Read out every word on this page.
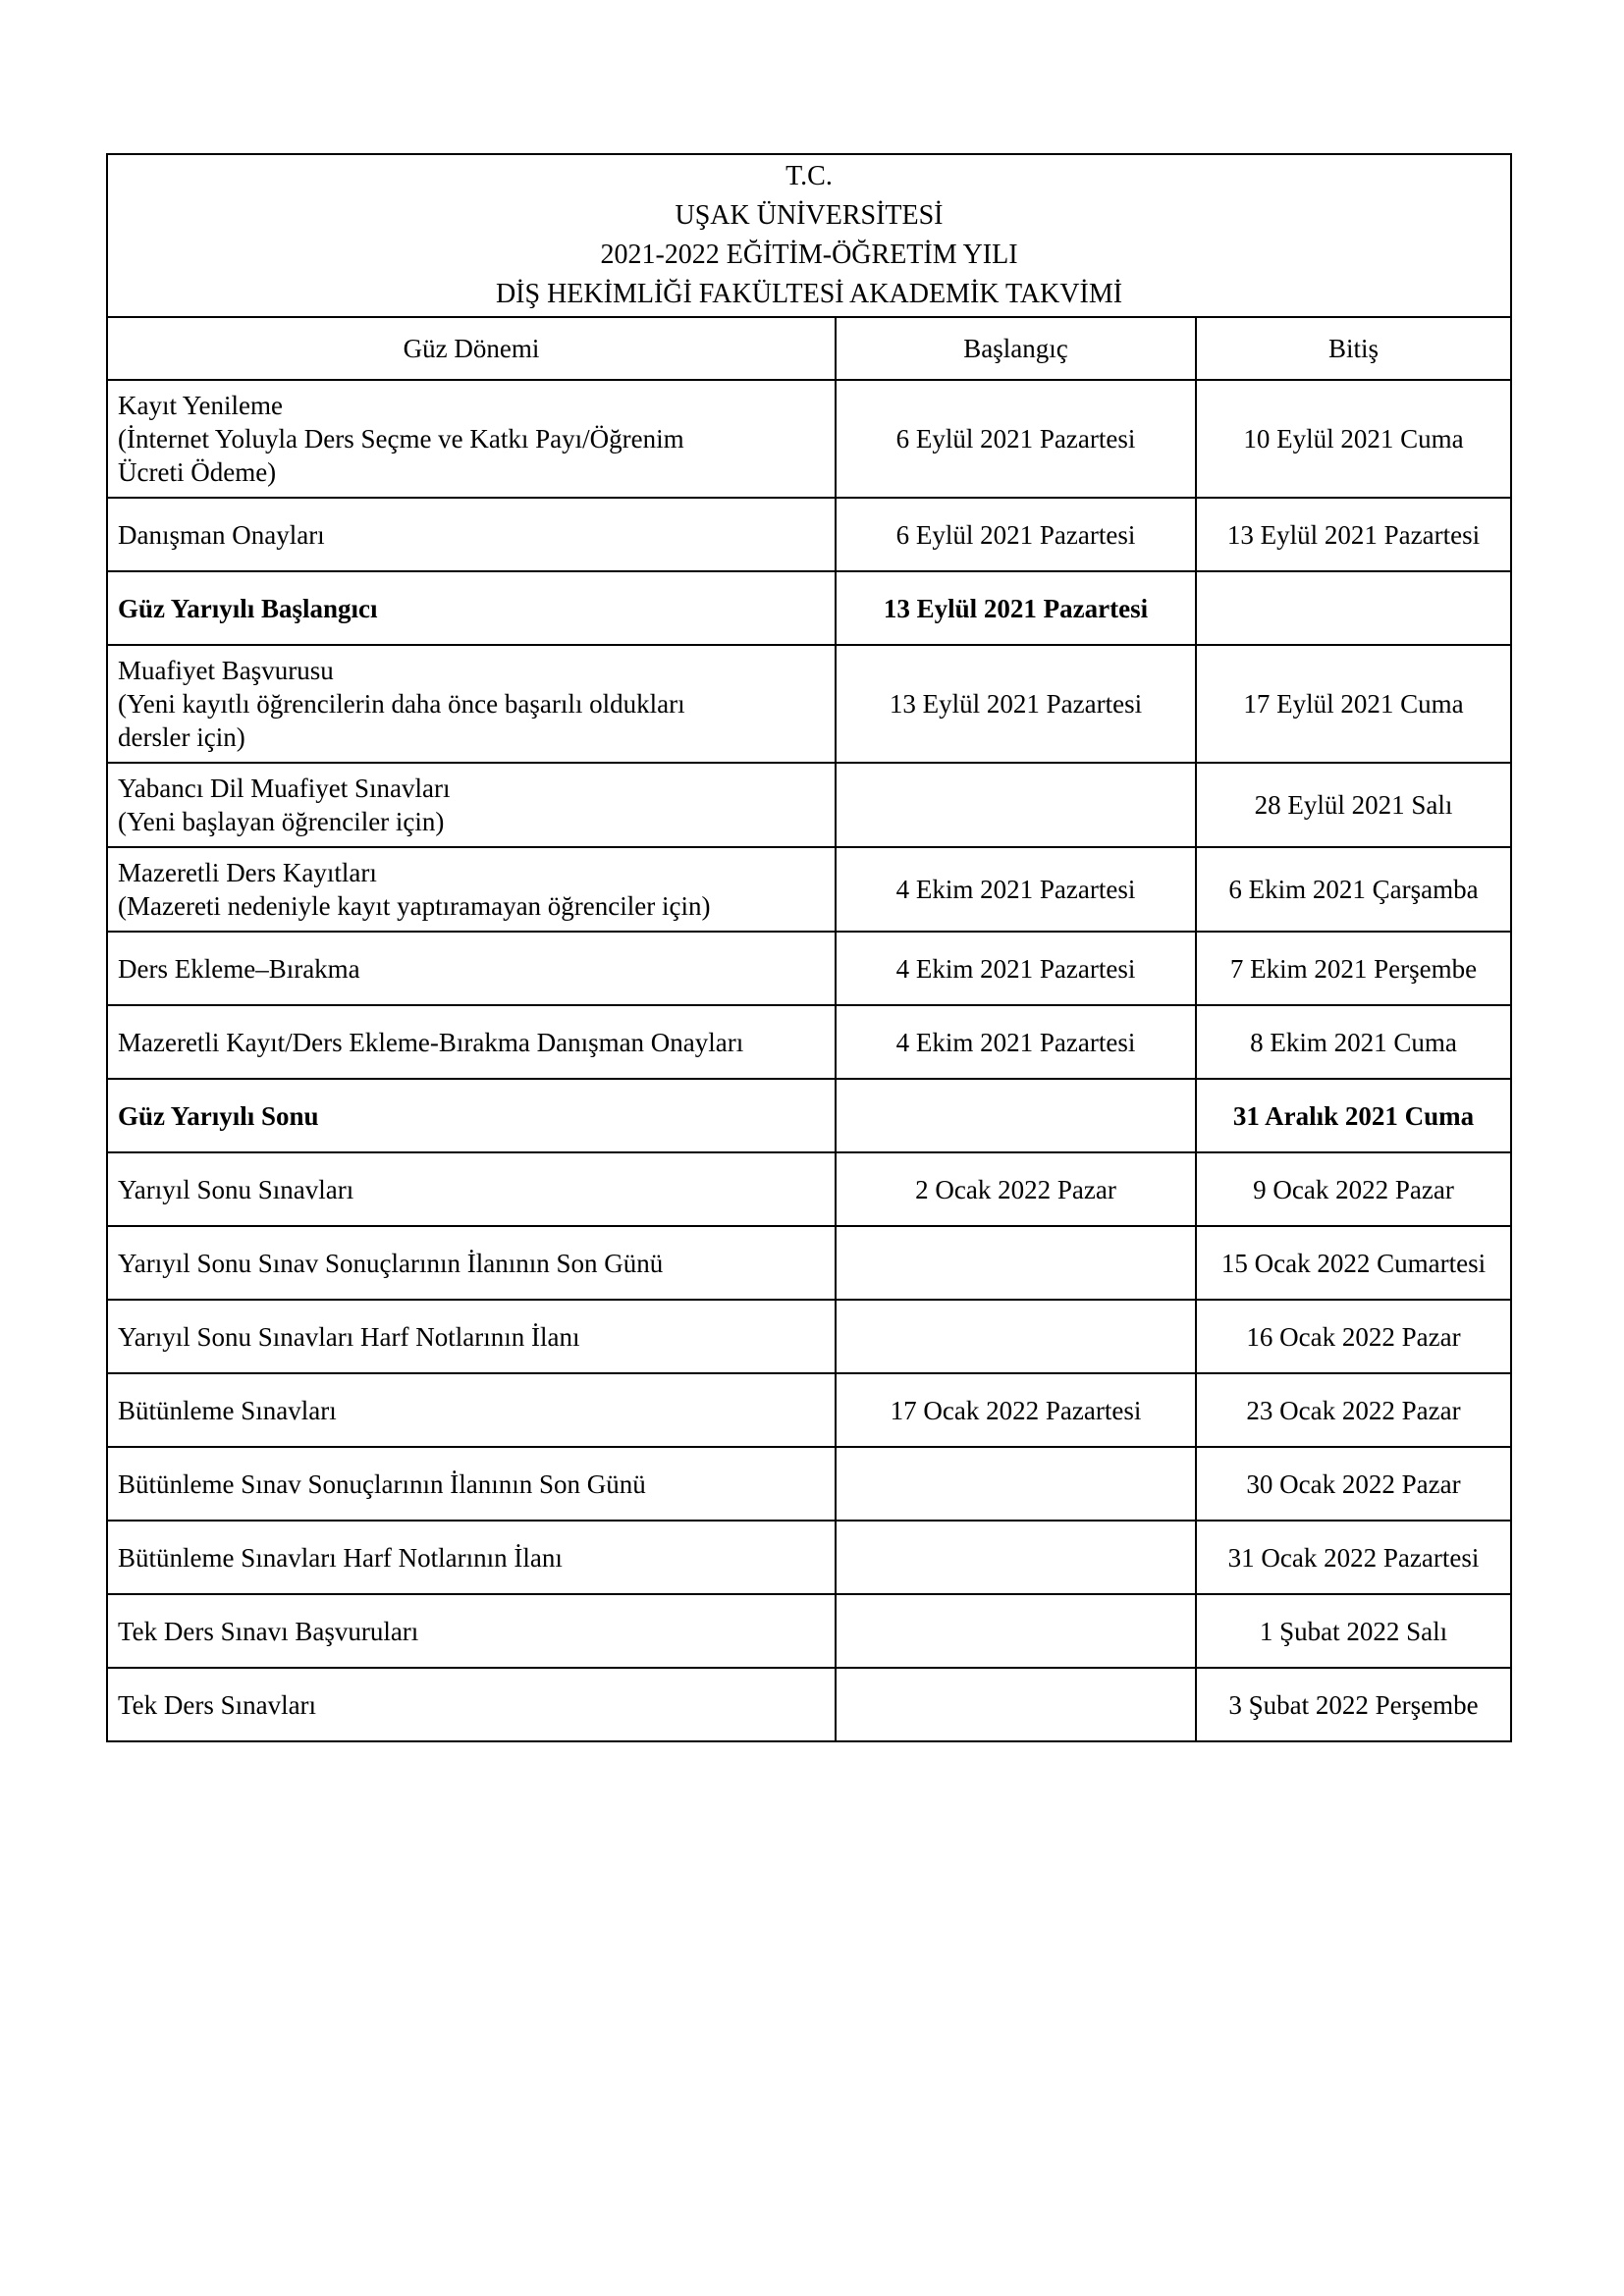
T.C.
UŞAK ÜNİVERSİTESİ
2021-2022 EĞİTİM-ÖĞRETİM YILI
DİŞ HEKİMLİĞİ FAKÜLTESİ AKADEMİK TAKVİMİ		

Güz Dönemi	Başlangıç	Bitiş

Kayıt Yenileme
(İnternet Yoluyla Ders Seçme ve Katkı Payı/Öğrenim
Ücreti Ödeme)	6 Eylül 2021 Pazartesi	10 Eylül 2021 Cuma

Danışman Onayları	6 Eylül 2021 Pazartesi	13 Eylül 2021 Pazartesi

Güz Yarıyılı Başlangıcı	13 Eylül 2021 Pazartesi	

Muafiyet Başvurusu
(Yeni kayıtlı öğrencilerin daha önce başarılı oldukları
dersler için)	13 Eylül 2021 Pazartesi	17 Eylül 2021 Cuma

Yabancı Dil Muafiyet Sınavları
(Yeni başlayan öğrenciler için)		28 Eylül 2021 Salı

Mazeretli Ders Kayıtları
(Mazereti nedeniyle kayıt yaptıramayan öğrenciler için)	4 Ekim 2021 Pazartesi	6 Ekim 2021 Çarşamba

Ders Ekleme–Bırakma	4 Ekim 2021 Pazartesi	7 Ekim 2021 Perşembe

Mazeretli Kayıt/Ders Ekleme-Bırakma Danışman Onayları	4 Ekim 2021 Pazartesi	8 Ekim 2021 Cuma

Güz Yarıyılı Sonu		31 Aralık 2021 Cuma

Yarıyıl Sonu Sınavları	2 Ocak 2022 Pazar	9 Ocak 2022 Pazar

Yarıyıl Sonu Sınav Sonuçlarının İlanının Son Günü		15 Ocak 2022 Cumartesi

Yarıyıl Sonu Sınavları Harf Notlarının İlanı		16 Ocak 2022 Pazar

Bütünleme Sınavları	17 Ocak 2022 Pazartesi	23 Ocak 2022 Pazar

Bütünleme Sınav Sonuçlarının İlanının Son Günü		30 Ocak 2022 Pazar

Bütünleme Sınavları Harf Notlarının İlanı		31 Ocak 2022 Pazartesi

Tek Ders Sınavı Başvuruları		1 Şubat 2022 Salı

Tek Ders Sınavları		3 Şubat 2022 Perşembe
